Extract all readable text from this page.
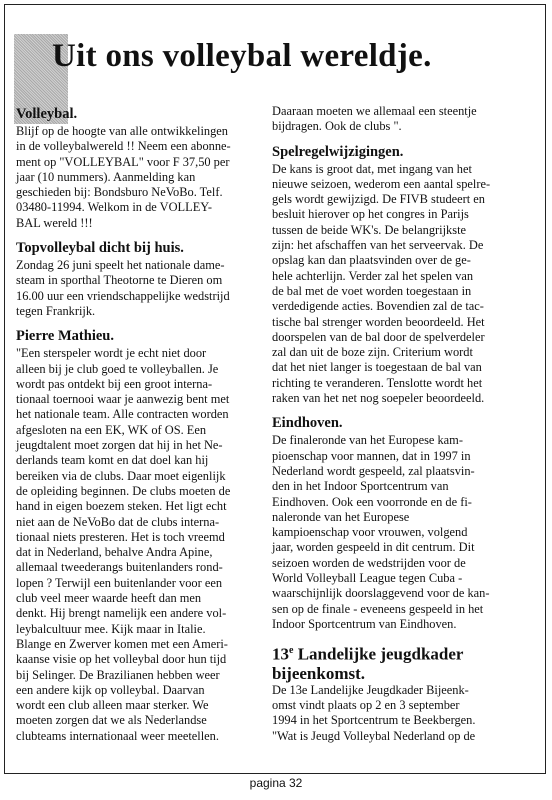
Uit ons volleybal wereldje.
Volleybal.

Blijf op de hoogte van alle ontwikkelingen

in de volleybalwereld !! Neem een abonne-

ment op "VOLLEYBAL" voor F 37,50 per

jaar (10 nummers). Aanmelding kan

geschieden bij: Bondsburo NeVoBo. Telf.

03480-11994. Welkom in de VOLLEY-

BAL wereld !!!

Topvolleybal dicht bij huis.

Zondag 26 juni speelt het nationale dame-

steam in sporthal Theotorne te Dieren om

16.00 uur een vriendschappelijke wedstrijd

tegen Frankrijk.

Pierre Mathieu.

"Een sterspeler wordt je echt niet door

alleen bij je club goed te volleyballen. Je

wordt pas ontdekt bij een groot interna-

tionaal toernooi waar je aanwezig bent met

het nationale team. Alle contracten worden

afgesloten na een EK, WK of OS. Een

jeugdtalent moet zorgen dat hij in het Ne-

derlands team komt en dat doel kan hij

bereiken via de clubs. Daar moet eigenlijk

de opleiding beginnen. De clubs moeten de

hand in eigen boezem steken. Het ligt echt

niet aan de NeVoBo dat de clubs interna-

tionaal niets presteren. Het is toch vreemd

dat in Nederland, behalve Andra Apine,

allemaal tweederangs buitenlanders rond-

lopen ? Terwijl een buitenlander voor een

club veel meer waarde heeft dan men

denkt. Hij brengt namelijk een andere vol-

leybalcultuur mee. Kijk maar in Italie.

Blange en Zwerver komen met een Ameri-

kaanse visie op het volleybal door hun tijd

bij Selinger. De Brazilianen hebben weer

een andere kijk op volleybal. Daarvan

wordt een club alleen maar sterker. We

moeten zorgen dat we als Nederlandse

clubteams internationaal weer meetellen.

Daaraan moeten we allemaal een steentje

bijdragen. Ook de clubs ".

Spelregelwijzigingen.

De kans is groot dat, met ingang van het

nieuwe seizoen, wederom een aantal spelre-

gels wordt gewijzigd. De FIVB studeert en

besluit hierover op het congres in Parijs

tussen de beide WK's. De belangrijkste

zijn: het afschaffen van het serveervak. De

opslag kan dan plaatsvinden over de ge-

hele achterlijn. Verder zal het spelen van

de bal met de voet worden toegestaan in

verdedigende acties. Bovendien zal de tac-

tische bal strenger worden beoordeeld. Het

doorspelen van de bal door de spelverdeler

zal dan uit de boze zijn. Criterium wordt

dat het niet langer is toegestaan de bal van

richting te veranderen. Tenslotte wordt het

raken van het net nog soepeler beoordeeld.

Eindhoven.

De finaleronde van het Europese kam-

pioenschap voor mannen, dat in 1997 in

Nederland wordt gespeeld, zal plaatsvin-

den in het Indoor Sportcentrum van

Eindhoven. Ook een voorronde en de fi-

naleronde van het Europese

kampioenschap voor vrouwen, volgend

jaar, worden gespeeld in dit centrum. Dit

seizoen worden de wedstrijden voor de

World Volleyball League tegen Cuba -

waarschijnlijk doorslaggevend voor de kan-

sen op de finale - eveneens gespeeld in het

Indoor Sportcentrum van Eindhoven.

13e Landelijke jeugdkader
bijeenkomst.

De 13e Landelijke Jeugdkader Bijeenk-

omst vindt plaats op 2 en 3 september

1994 in het Sportcentrum te Beekbergen.

"Wat is Jeugd Volleybal Nederland op de

pagina 32
